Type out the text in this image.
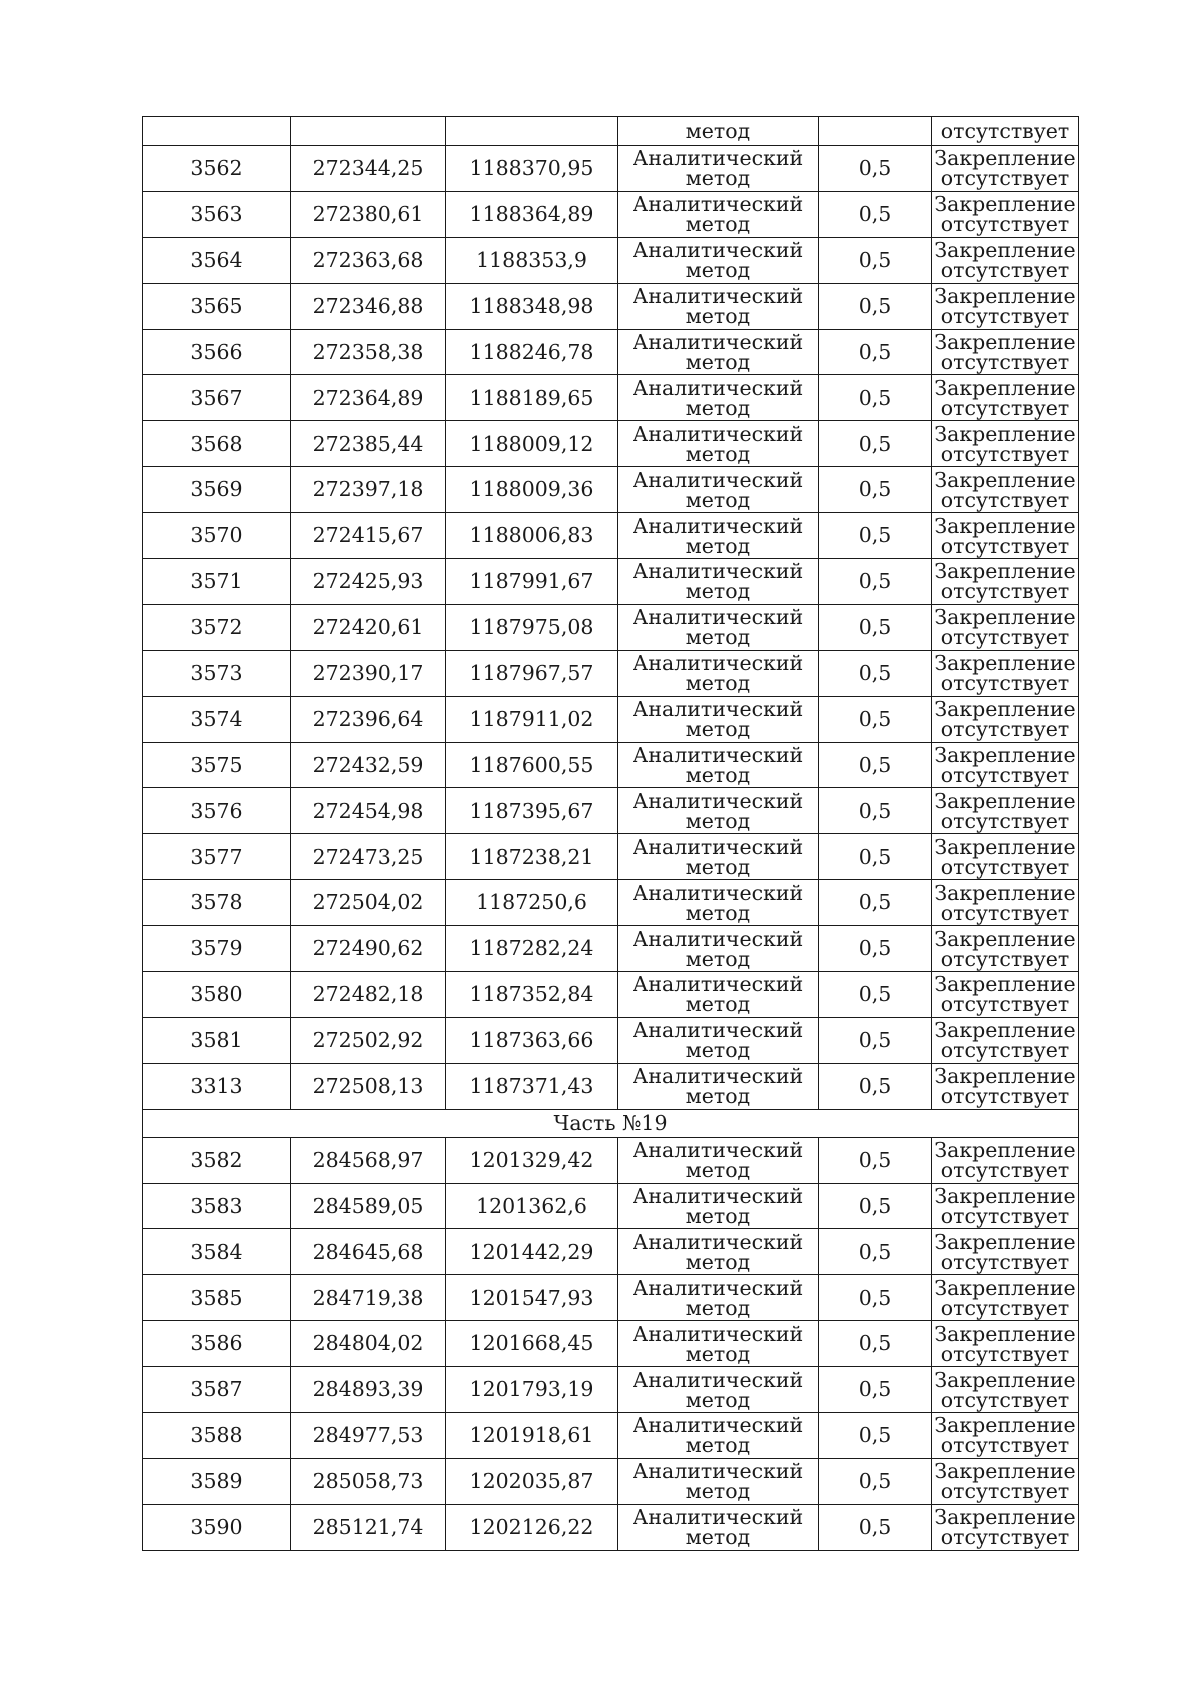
			метод		отсутствует
3562	272344,25	1188370,95	Аналитический
метод	0,5	Закрепление
отсутствует

3563	272380,61	1188364,89	Аналитический
метод	0,5	Закрепление
отсутствует

3564	272363,68	1188353,9	Аналитический
метод	0,5	Закрепление
отсутствует

3565	272346,88	1188348,98	Аналитический
метод	0,5	Закрепление
отсутствует

3566	272358,38	1188246,78	Аналитический
метод	0,5	Закрепление
отсутствует

3567	272364,89	1188189,65	Аналитический
метод	0,5	Закрепление
отсутствует

3568	272385,44	1188009,12	Аналитический
метод	0,5	Закрепление
отсутствует

3569	272397,18	1188009,36	Аналитический
метод	0,5	Закрепление
отсутствует

3570	272415,67	1188006,83	Аналитический
метод	0,5	Закрепление
отсутствует

3571	272425,93	1187991,67	Аналитический
метод	0,5	Закрепление
отсутствует

3572	272420,61	1187975,08	Аналитический
метод	0,5	Закрепление
отсутствует

3573	272390,17	1187967,57	Аналитический
метод	0,5	Закрепление
отсутствует

3574	272396,64	1187911,02	Аналитический
метод	0,5	Закрепление
отсутствует

3575	272432,59	1187600,55	Аналитический
метод	0,5	Закрепление
отсутствует

3576	272454,98	1187395,67	Аналитический
метод	0,5	Закрепление
отсутствует

3577	272473,25	1187238,21	Аналитический
метод	0,5	Закрепление
отсутствует

3578	272504,02	1187250,6	Аналитический
метод	0,5	Закрепление
отсутствует

3579	272490,62	1187282,24	Аналитический
метод	0,5	Закрепление
отсутствует

3580	272482,18	1187352,84	Аналитический
метод	0,5	Закрепление
отсутствует

3581	272502,92	1187363,66	Аналитический
метод	0,5	Закрепление
отсутствует

3313	272508,13	1187371,43	Аналитический
метод	0,5	Закрепление
отсутствует

Часть №19					
3582	284568,97	1201329,42	Аналитический
метод	0,5	Закрепление
отсутствует

3583	284589,05	1201362,6	Аналитический
метод	0,5	Закрепление
отсутствует

3584	284645,68	1201442,29	Аналитический
метод	0,5	Закрепление
отсутствует

3585	284719,38	1201547,93	Аналитический
метод	0,5	Закрепление
отсутствует

3586	284804,02	1201668,45	Аналитический
метод	0,5	Закрепление
отсутствует

3587	284893,39	1201793,19	Аналитический
метод	0,5	Закрепление
отсутствует

3588	284977,53	1201918,61	Аналитический
метод	0,5	Закрепление
отсутствует

3589	285058,73	1202035,87	Аналитический
метод	0,5	Закрепление
отсутствует

3590	285121,74	1202126,22	Аналитический
метод	0,5	Закрепление
отсутствует
